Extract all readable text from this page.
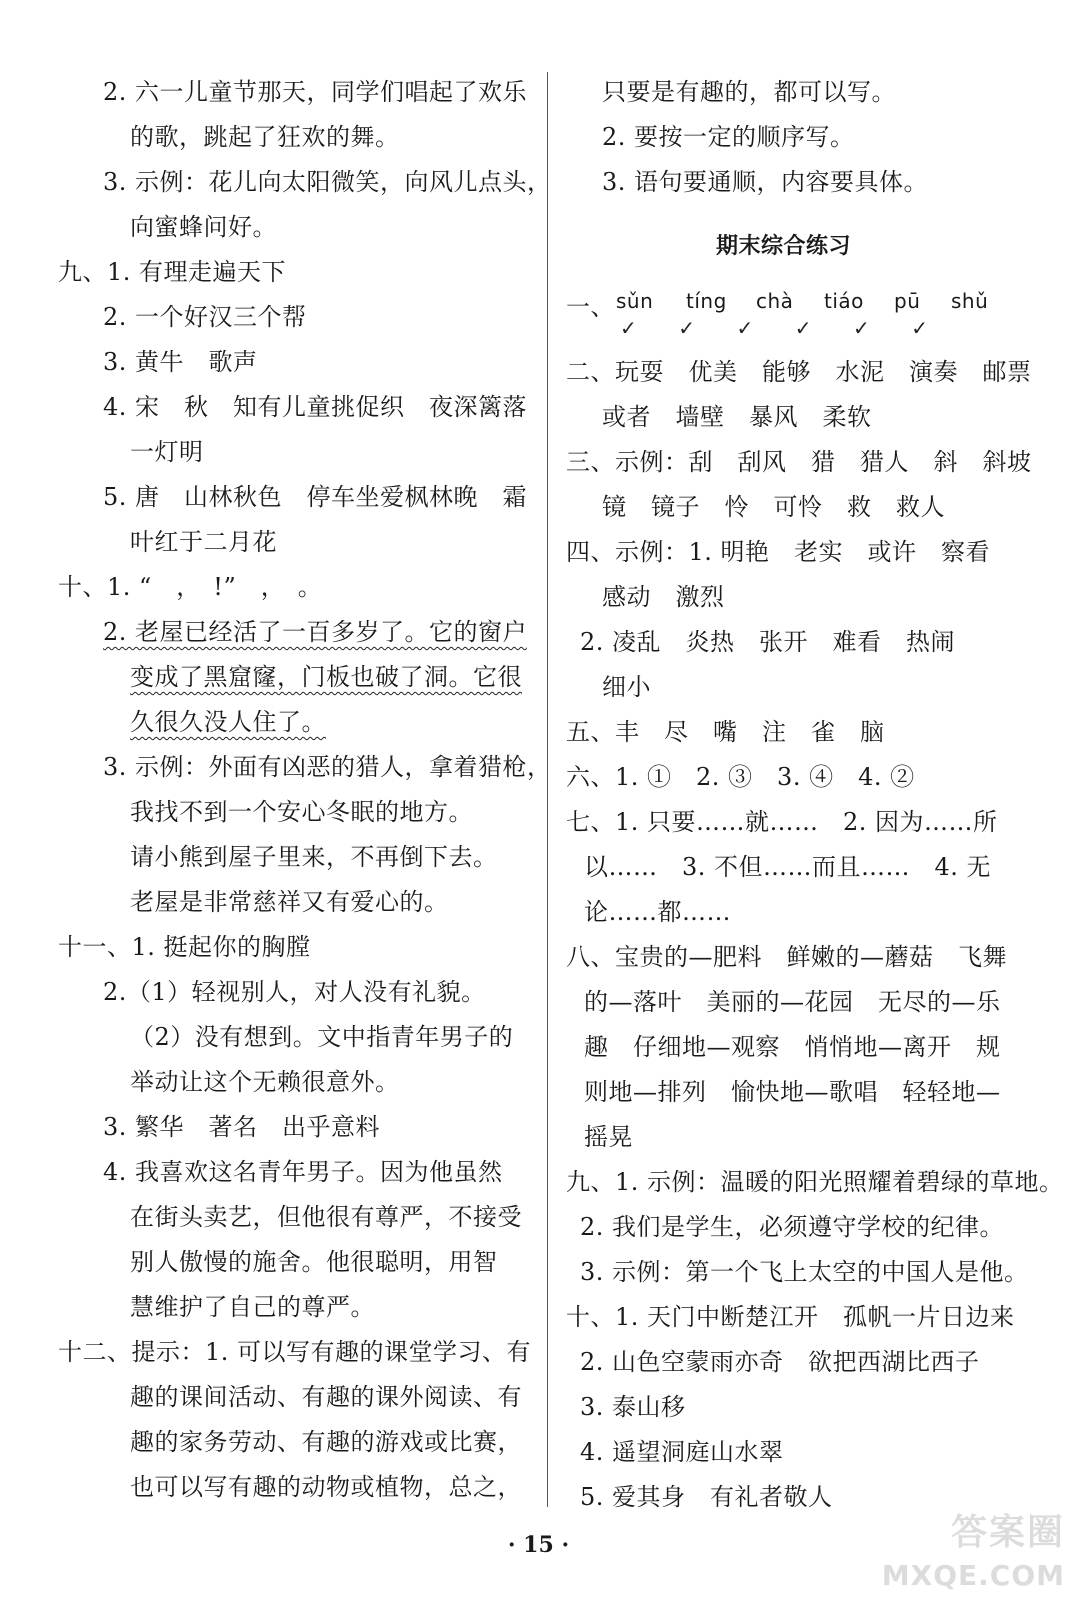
2. 六一儿童节那天，同学们唱起了欢乐
的歌，跳起了狂欢的舞。
3. 示例：花儿向太阳微笑，向风儿点头，
向蜜蜂问好。
九、1. 有理走遍天下
2. 一个好汉三个帮
3. 黄牛　歌声
4. 宋　秋　知有儿童挑促织　夜深篱落
一灯明
5. 唐　山林秋色　停车坐爱枫林晚　霜
叶红于二月花
十、1. “　，　!”　，　。
2. 老屋已经活了一百多岁了。它的窗户
变成了黑窟窿，门板也破了洞。它很
久很久没人住了。
3. 示例：外面有凶恶的猎人，拿着猎枪，
我找不到一个安心冬眠的地方。
请小熊到屋子里来，不再倒下去。
老屋是非常慈祥又有爱心的。
十一、1. 挺起你的胸膛
2.（1）轻视别人，对人没有礼貌。
（2）没有想到。文中指青年男子的
举动让这个无赖很意外。
3. 繁华　著名　出乎意料
4. 我喜欢这名青年男子。因为他虽然
在街头卖艺，但他很有尊严，不接受
别人傲慢的施舍。他很聪明，用智
慧维护了自己的尊严。
十二、提示：1. 可以写有趣的课堂学习、有
趣的课间活动、有趣的课外阅读、有
趣的家务劳动、有趣的游戏或比赛，
也可以写有趣的动物或植物，总之，
只要是有趣的，都可以写。
2. 要按一定的顺序写。
3. 语句要通顺，内容要具体。
期末综合练习
一、 sǔn tíng chà tiáo pū shǔ
✓　　✓　　✓　　✓　　✓　　✓
二、玩耍　优美　能够　水泥　演奏　邮票
或者　墙壁　暴风　柔软
三、示例：刮　刮风　猎　猎人　斜　斜坡
镜　镜子　怜　可怜　救　救人
四、示例：1. 明艳　老实　或许　察看
感动　激烈
2. 凌乱　炎热　张开　难看　热闹
细小
五、丰　尽　嘴　注　雀　脑
六、1. ①　2. ③　3. ④　4. ②
七、1. 只要……就……　2. 因为……所
以……　3. 不但……而且……　4. 无
论……都……
八、宝贵的—肥料　鲜嫩的—蘑菇　飞舞
的—落叶　美丽的—花园　无尽的—乐
趣　仔细地—观察　悄悄地—离开　规
则地—排列　愉快地—歌唱　轻轻地—
摇晃
九、1. 示例：温暖的阳光照耀着碧绿的草地。
2. 我们是学生，必须遵守学校的纪律。
3. 示例：第一个飞上太空的中国人是他。
十、1. 天门中断楚江开　孤帆一片日边来
2. 山色空蒙雨亦奇　欲把西湖比西子
3. 泰山移
4. 遥望洞庭山水翠
5. 爱其身　有礼者敬人
· 15 ·	答案圈
MXQE.COM
